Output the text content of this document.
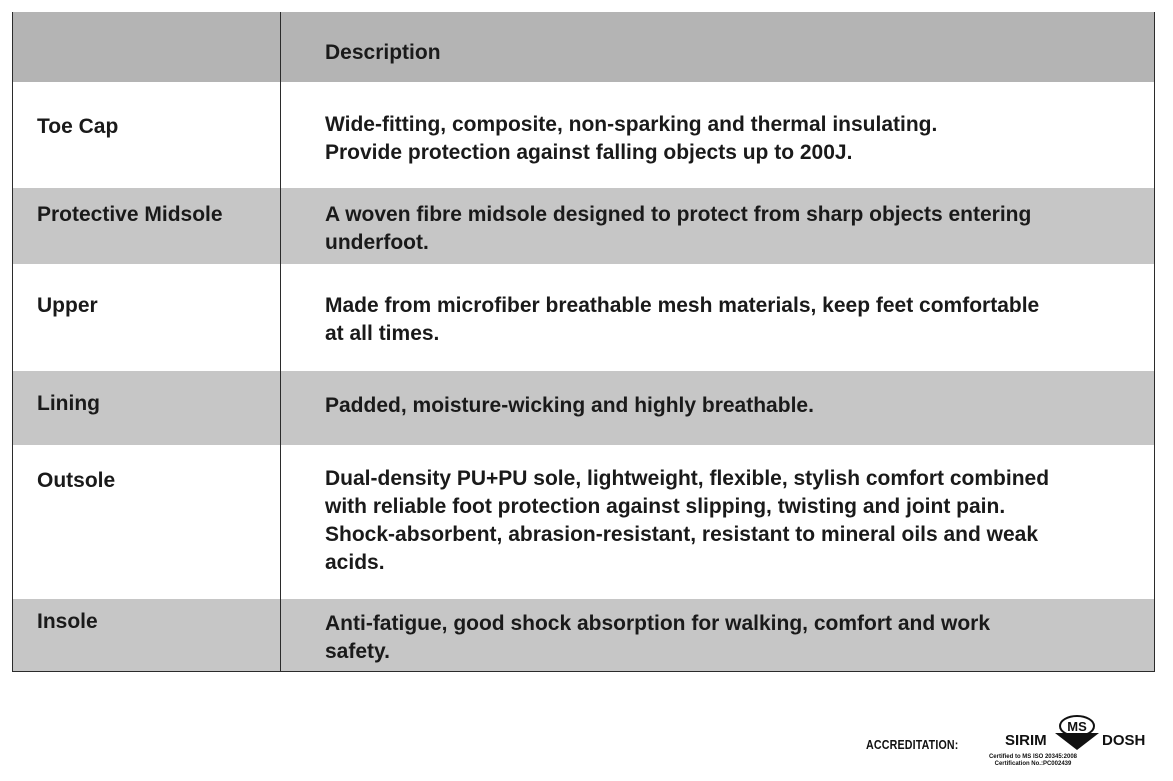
Description
Toe Cap	Wide-fitting, composite, non-sparking and thermal insulating.
Provide protection against falling objects up to 200J.
Protective Midsole	A woven fibre midsole designed to protect from sharp objects entering
underfoot.
Upper	Made from microfiber breathable mesh materials, keep feet comfortable
at all times.
Lining	Padded, moisture-wicking and highly breathable.
Outsole	Dual-density PU+PU sole, lightweight, flexible, stylish comfort combined
with reliable foot protection against slipping, twisting and joint pain.
Shock-absorbent, abrasion-resistant, resistant to mineral oils and weak
acids.
Insole	Anti-fatigue, good shock absorption for walking, comfort and work
safety.
ACCREDITATION:	SIRIM
MS
DOSH
Certified to MS ISO 20345:2008
Certification No.:PC002439
